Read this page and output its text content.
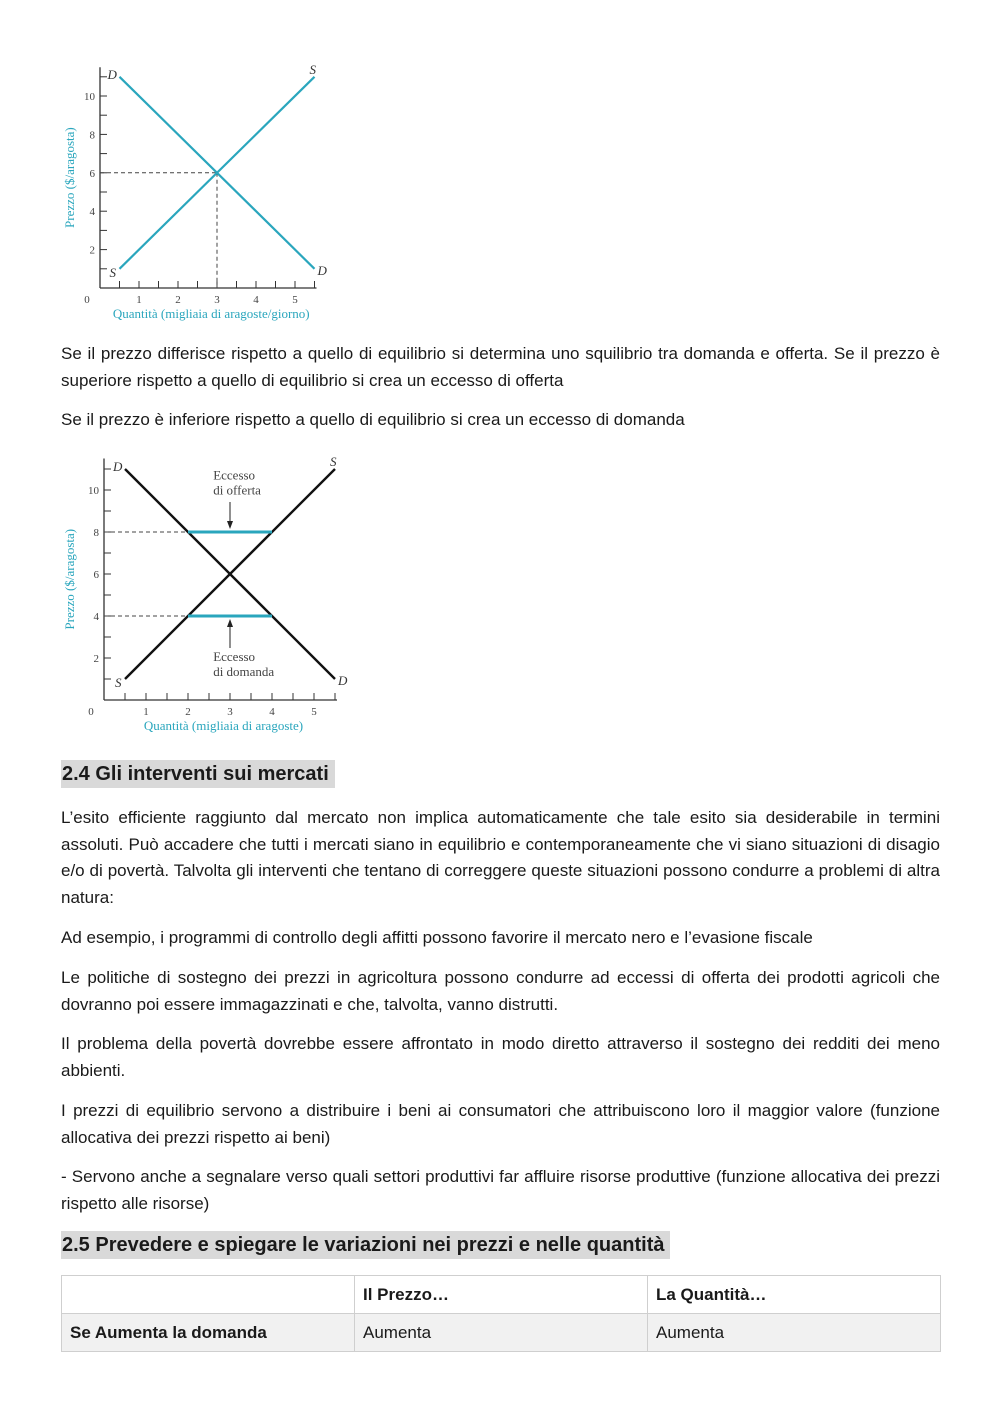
0	1	2	3	4	5
2
4
6
8
10
Quantità (migliaia di aragoste/giorno)
Prezzo ($/aragosta)
S
S
D
D

Se il prezzo differisce rispetto a quello di equilibrio si determina uno squilibrio tra domanda e offerta. Se il prezzo è superiore rispetto a quello di equilibrio si crea un eccesso di offerta

Se il prezzo è inferiore rispetto a quello di equilibrio si crea un eccesso di domanda

0	1	2	3	4	5
2
4
6
8
10
Quantità (migliaia di aragoste)
Prezzo ($/aragosta)
Eccesso
di offerta
Eccesso
di domanda
S
S
D
D
2.4 Gli interventi sui mercati

L’esito efficiente raggiunto dal mercato non implica automaticamente che tale esito sia desiderabile in termini assoluti. Può accadere che tutti i mercati siano in equilibrio e contemporaneamente che vi siano situazioni di disagio e/o di povertà. Talvolta gli interventi che tentano di correggere queste situazioni possono condurre a problemi di altra natura:

Ad esempio, i programmi di controllo degli affitti possono favorire il mercato nero e l’evasione fiscale

Le politiche di sostegno dei prezzi in agricoltura possono condurre ad eccessi di offerta dei prodotti agricoli che dovranno poi essere immagazzinati e che, talvolta, vanno distrutti.

Il problema della povertà dovrebbe essere affrontato in modo diretto attraverso il sostegno dei redditi dei meno abbienti.

I prezzi di equilibrio servono a distribuire i beni ai consumatori che attribuiscono loro il maggior valore (funzione allocativa dei prezzi rispetto ai beni)

- Servono anche a segnalare verso quali settori produttivi far affluire risorse produttive (funzione allocativa dei prezzi rispetto alle risorse)

2.5 Prevedere e spiegare le variazioni nei prezzi e nelle quantità
	Il Prezzo…	La Quantità…
Se Aumenta la domanda	Aumenta	Aumenta
